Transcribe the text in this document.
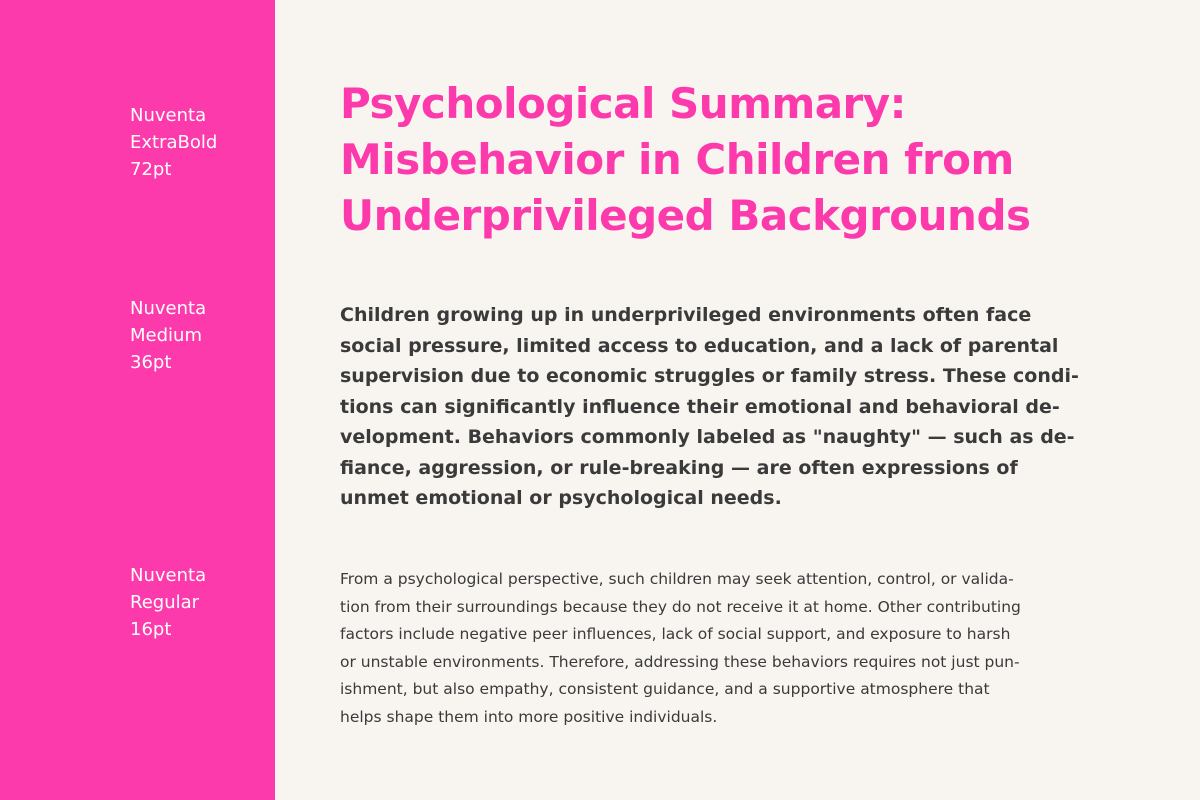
Nuventa
ExtraBold
72pt
Nuventa
Medium
36pt
Nuventa
Regular
16pt
Psychological Summary:
Misbehavior in Children from
Underprivileged Backgrounds

Children growing up in underprivileged environments often face
social pressure, limited access to education, and a lack of parental
supervision due to economic struggles or family stress. These condi-
tions can significantly influence their emotional and behavioral de-
velopment. Behaviors commonly labeled as "naughty" — such as de-
fiance, aggression, or rule-breaking — are often expressions of
unmet emotional or psychological needs.

From a psychological perspective, such children may seek attention, control, or valida-
tion from their surroundings because they do not receive it at home. Other contributing
factors include negative peer influences, lack of social support, and exposure to harsh
or unstable environments. Therefore, addressing these behaviors requires not just pun-
ishment, but also empathy, consistent guidance, and a supportive atmosphere that
helps shape them into more positive individuals.
